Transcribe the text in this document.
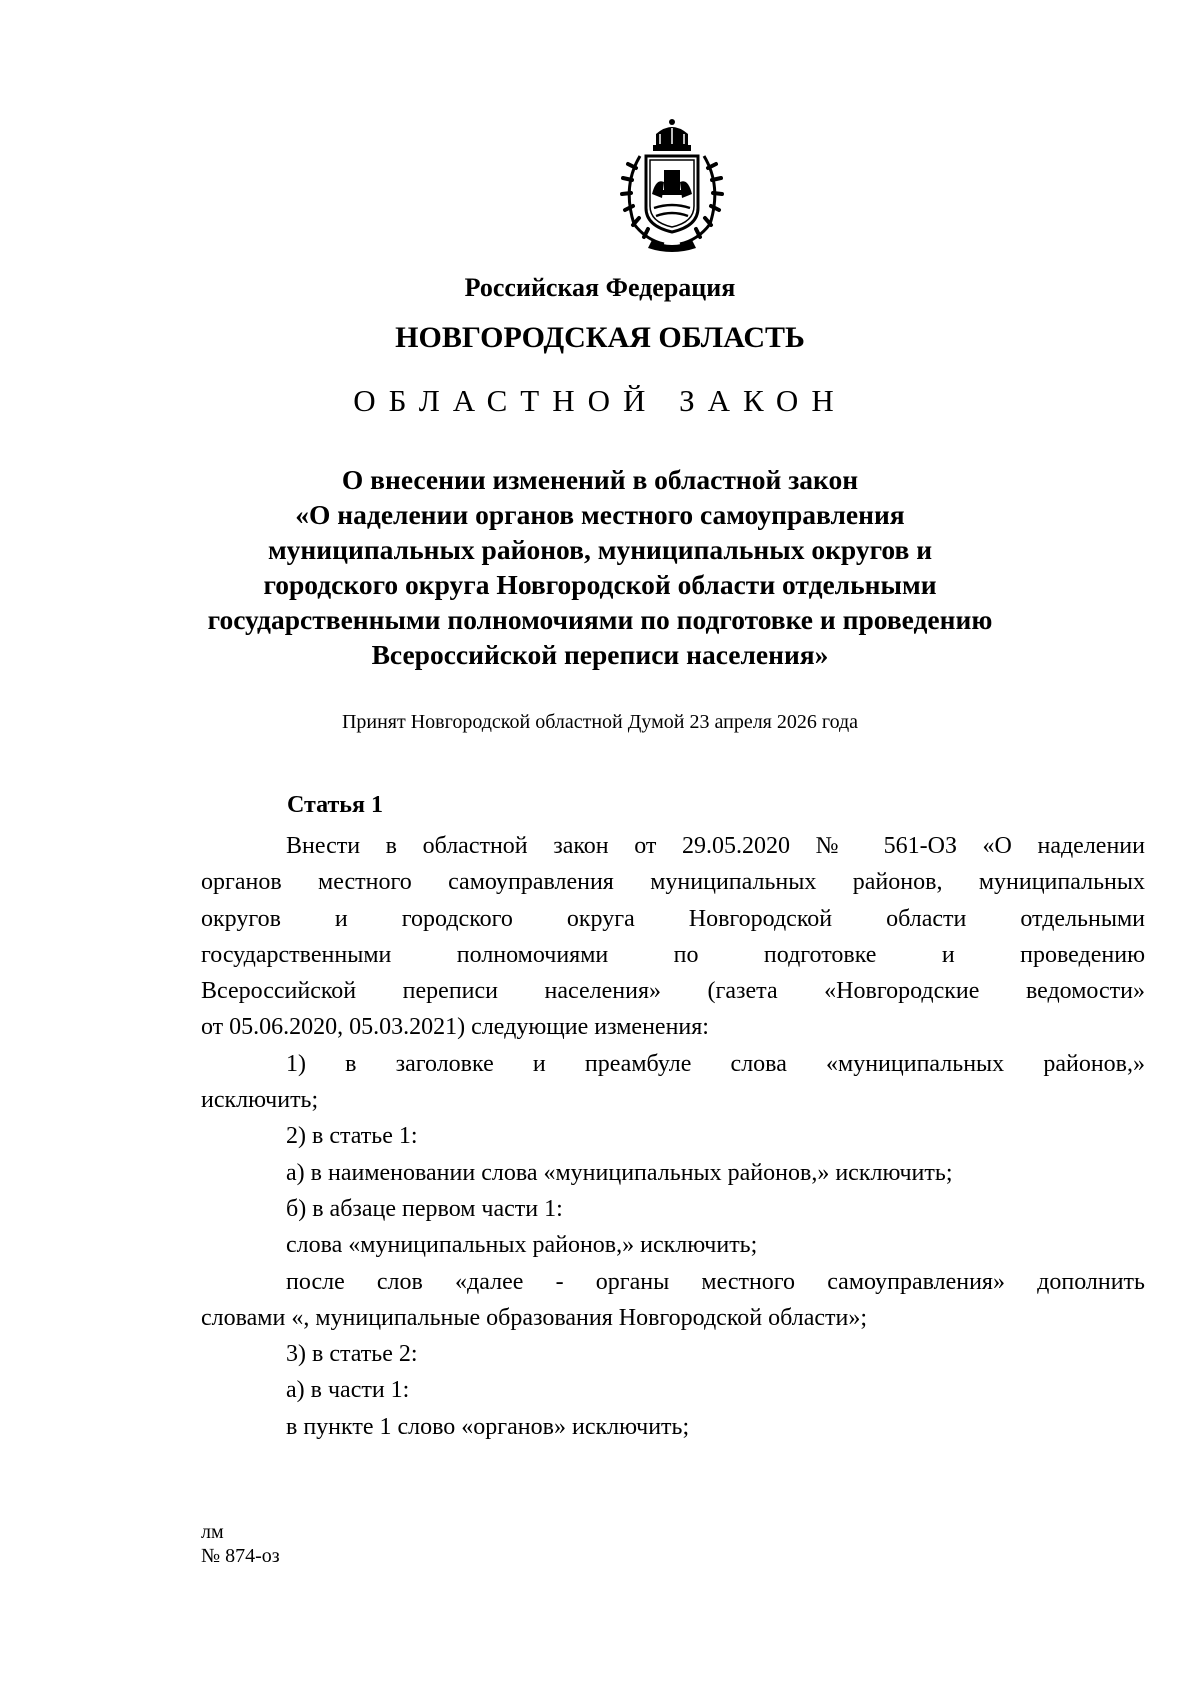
Российская Федерация
НОВГОРОДСКАЯ ОБЛАСТЬ
ОБЛАСТНОЙ ЗАКОН
О внесении изменений в областной закон
«О наделении органов местного самоуправления
муниципальных районов, муниципальных округов и
городского округа Новгородской области отдельными
государственными полномочиями по подготовке и проведению
Всероссийской переписи населения»
Принят Новгородской областной Думой 23 апреля 2026 года
Статья 1
Внести в областной закон от 29.05.2020 № 561-ОЗ «О наделении
органов местного самоуправления муниципальных районов, муниципальных
округов и городского округа Новгородской области отдельными
государственными полномочиями по подготовке и проведению
Всероссийской переписи населения» (газета «Новгородские ведомости»
от 05.06.2020, 05.03.2021) следующие изменения:
1) в заголовке и преамбуле слова «муниципальных районов,»
исключить;
2) в статье 1:
а) в наименовании слова «муниципальных районов,» исключить;
б) в абзаце первом части 1:
слова «муниципальных районов,» исключить;
после слов «далее - органы местного самоуправления» дополнить
словами «, муниципальные образования Новгородской области»;
3) в статье 2:
а) в части 1:
в пункте 1 слово «органов» исключить;
лм
№ 874-оз
